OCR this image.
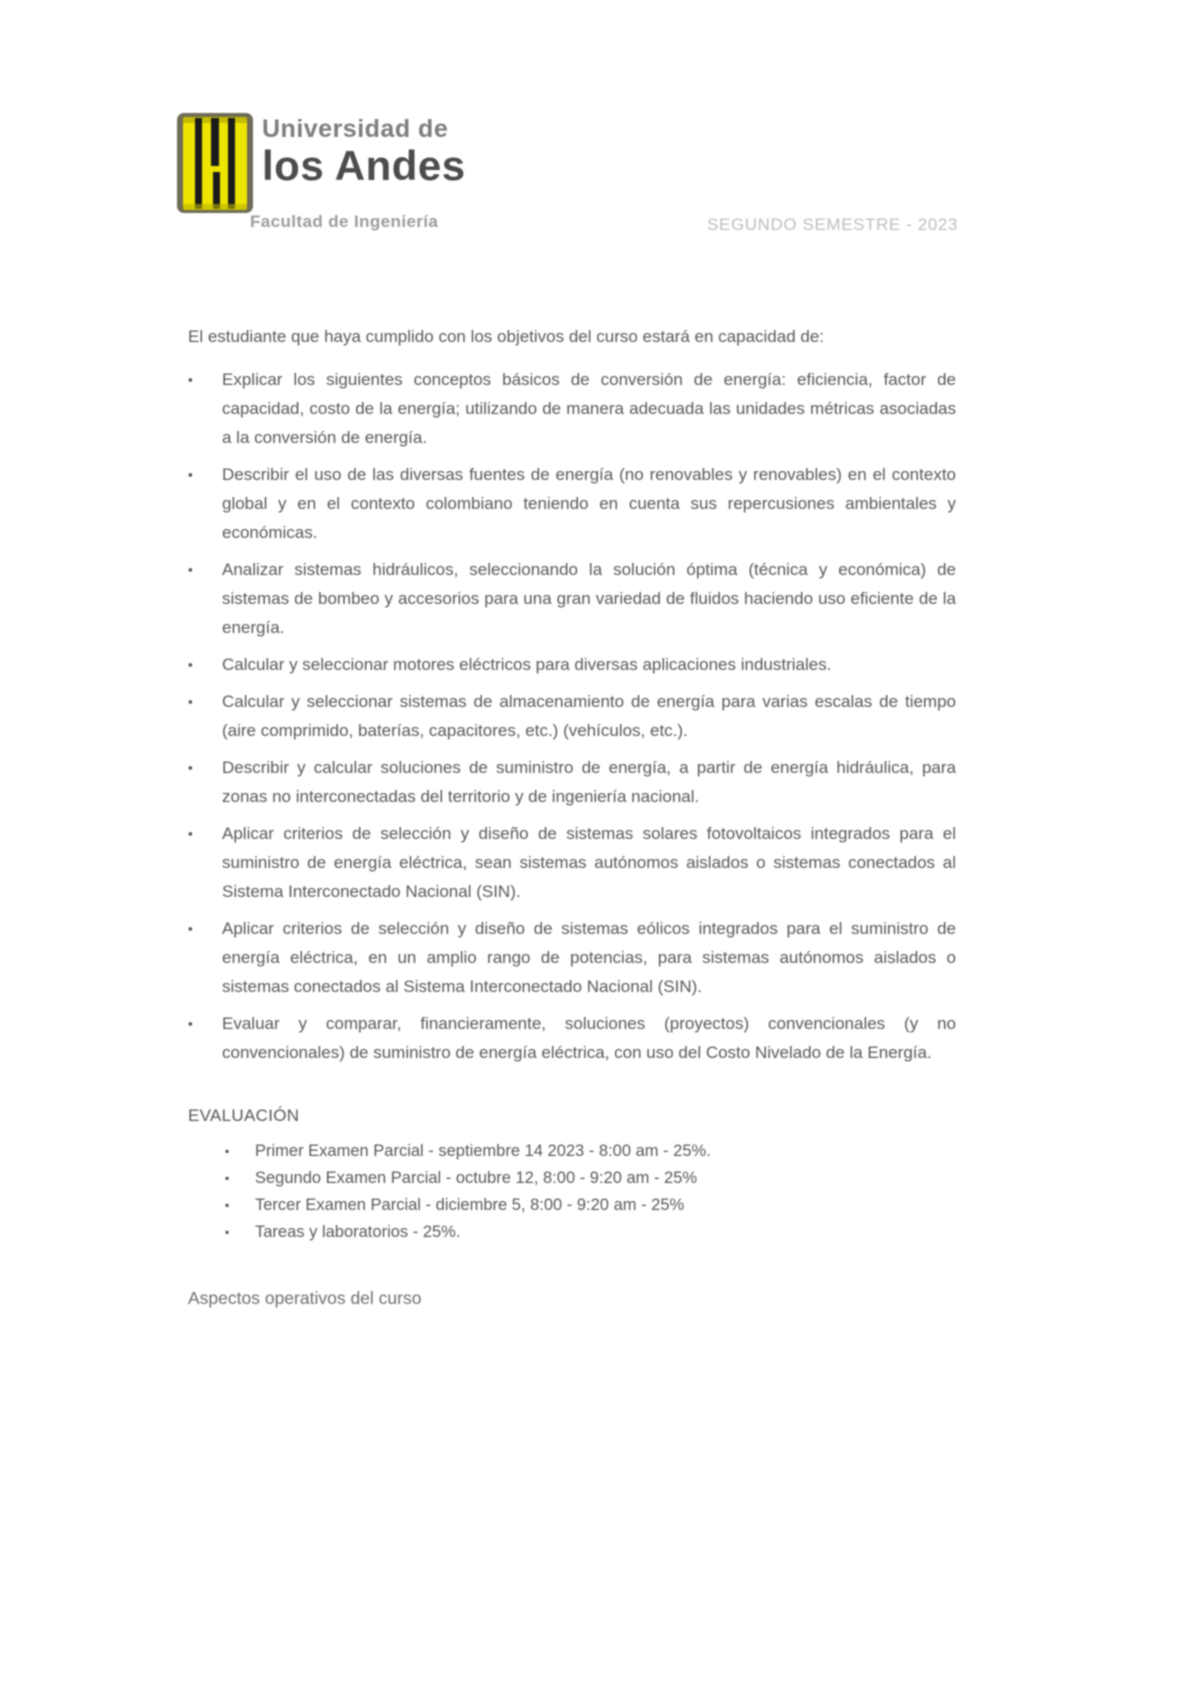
Universidad de
los Andes
Facultad de Ingeniería	SEGUNDO SEMESTRE - 2023

El estudiante que haya cumplido con los objetivos del curso estará en capacidad de:

▪ Explicar los siguientes conceptos básicos de conversión de energía: eficiencia, factor de capacidad, costo de la energía; utilizando de manera adecuada las unidades métricas asociadas a la conversión de energía.
▪ Describir el uso de las diversas fuentes de energía (no renovables y renovables) en el contexto global y en el contexto colombiano teniendo en cuenta sus repercusiones ambientales y económicas.
▪ Analizar sistemas hidráulicos, seleccionando la solución óptima (técnica y económica) de sistemas de bombeo y accesorios para una gran variedad de fluidos haciendo uso eficiente de la energía.
▪ Calcular y seleccionar motores eléctricos para diversas aplicaciones industriales.
▪ Calcular y seleccionar sistemas de almacenamiento de energía para varias escalas de tiempo (aire comprimido, baterías, capacitores, etc.) (vehículos, etc.).
▪ Describir y calcular soluciones de suministro de energía, a partir de energía hidráulica, para zonas no interconectadas del territorio y de ingeniería nacional.
▪ Aplicar criterios de selección y diseño de sistemas solares fotovoltaicos integrados para el suministro de energía eléctrica, sean sistemas autónomos aislados o sistemas conectados al Sistema Interconectado Nacional (SIN).
▪ Aplicar criterios de selección y diseño de sistemas eólicos integrados para el suministro de energía eléctrica, en un amplio rango de potencias, para sistemas autónomos aislados o sistemas conectados al Sistema Interconectado Nacional (SIN).
▪ Evaluar y comparar, financieramente, soluciones (proyectos) convencionales (y no convencionales) de suministro de energía eléctrica, con uso del Costo Nivelado de la Energía.
EVALUACIÓN
▪ Primer Examen Parcial - septiembre 14 2023 - 8:00 am - 25%.
▪ Segundo Examen Parcial - octubre 12, 8:00 - 9:20 am - 25%
▪ Tercer Examen Parcial - diciembre 5, 8:00 - 9:20 am - 25%
▪ Tareas y laboratorios - 25%.
Aspectos operativos del curso
